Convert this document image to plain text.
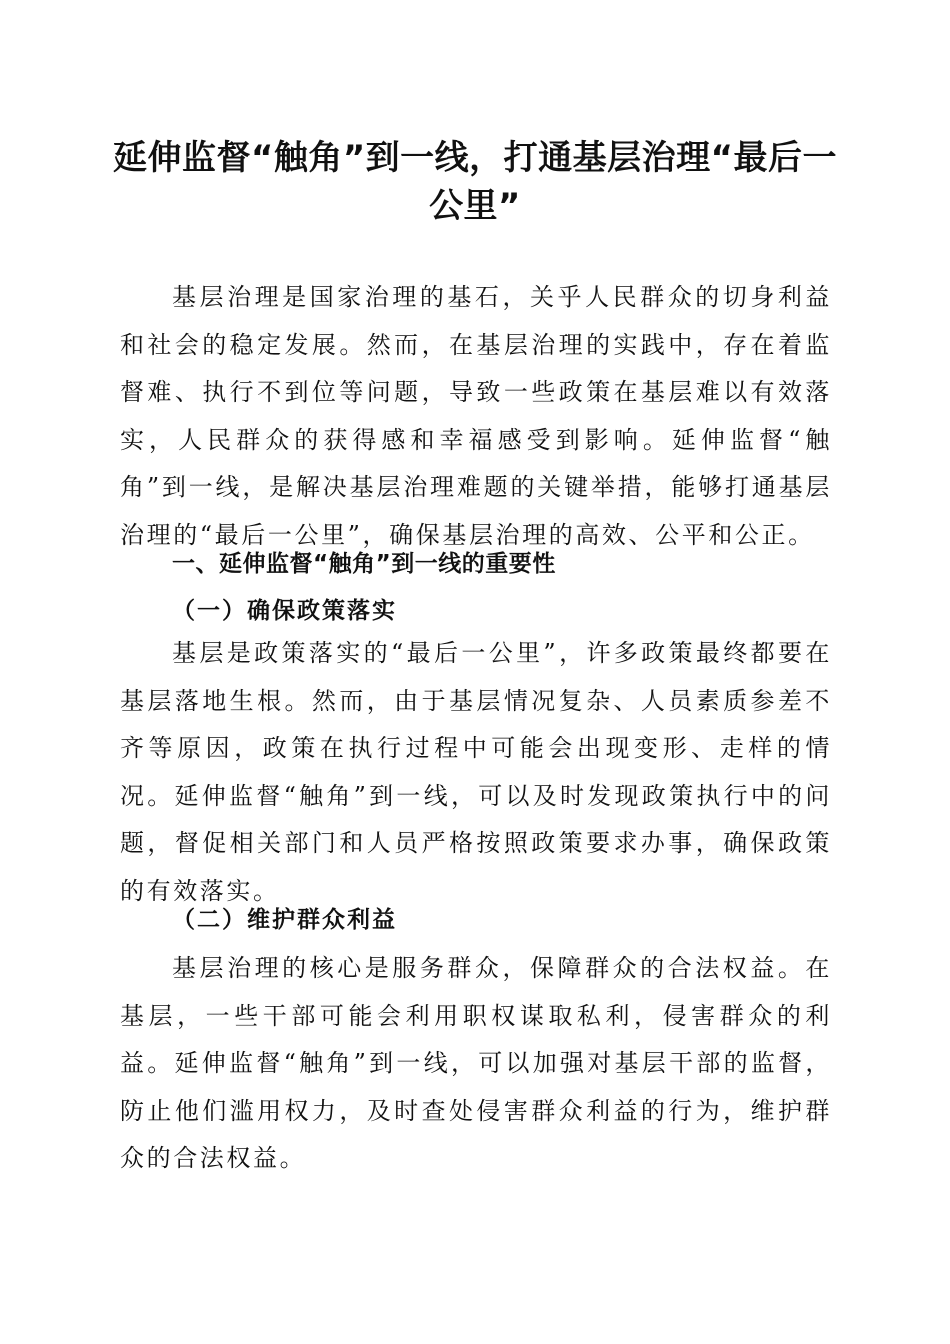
延伸监督“触角”到一线，打通基层治理“最后一公里”

基层治理是国家治理的基石，关乎人民群众的切身利益和社会的稳定发展。然而，在基层治理的实践中，存在着监督难、执行不到位等问题，导致一些政策在基层难以有效落实，人民群众的获得感和幸福感受到影响。延伸监督“触角”到一线，是解决基层治理难题的关键举措，能够打通基层治理的“最后一公里”，确保基层治理的高效、公平和公正。

一、延伸监督“触角”到一线的重要性
（一）确保政策落实

基层是政策落实的“最后一公里”，许多政策最终都要在基层落地生根。然而，由于基层情况复杂、人员素质参差不齐等原因，政策在执行过程中可能会出现变形、走样的情况。延伸监督“触角”到一线，可以及时发现政策执行中的问题，督促相关部门和人员严格按照政策要求办事，确保政策的有效落实。

（二）维护群众利益

基层治理的核心是服务群众，保障群众的合法权益。在基层，一些干部可能会利用职权谋取私利，侵害群众的利益。延伸监督“触角”到一线，可以加强对基层干部的监督，防止他们滥用权力，及时查处侵害群众利益的行为，维护群众的合法权益。
